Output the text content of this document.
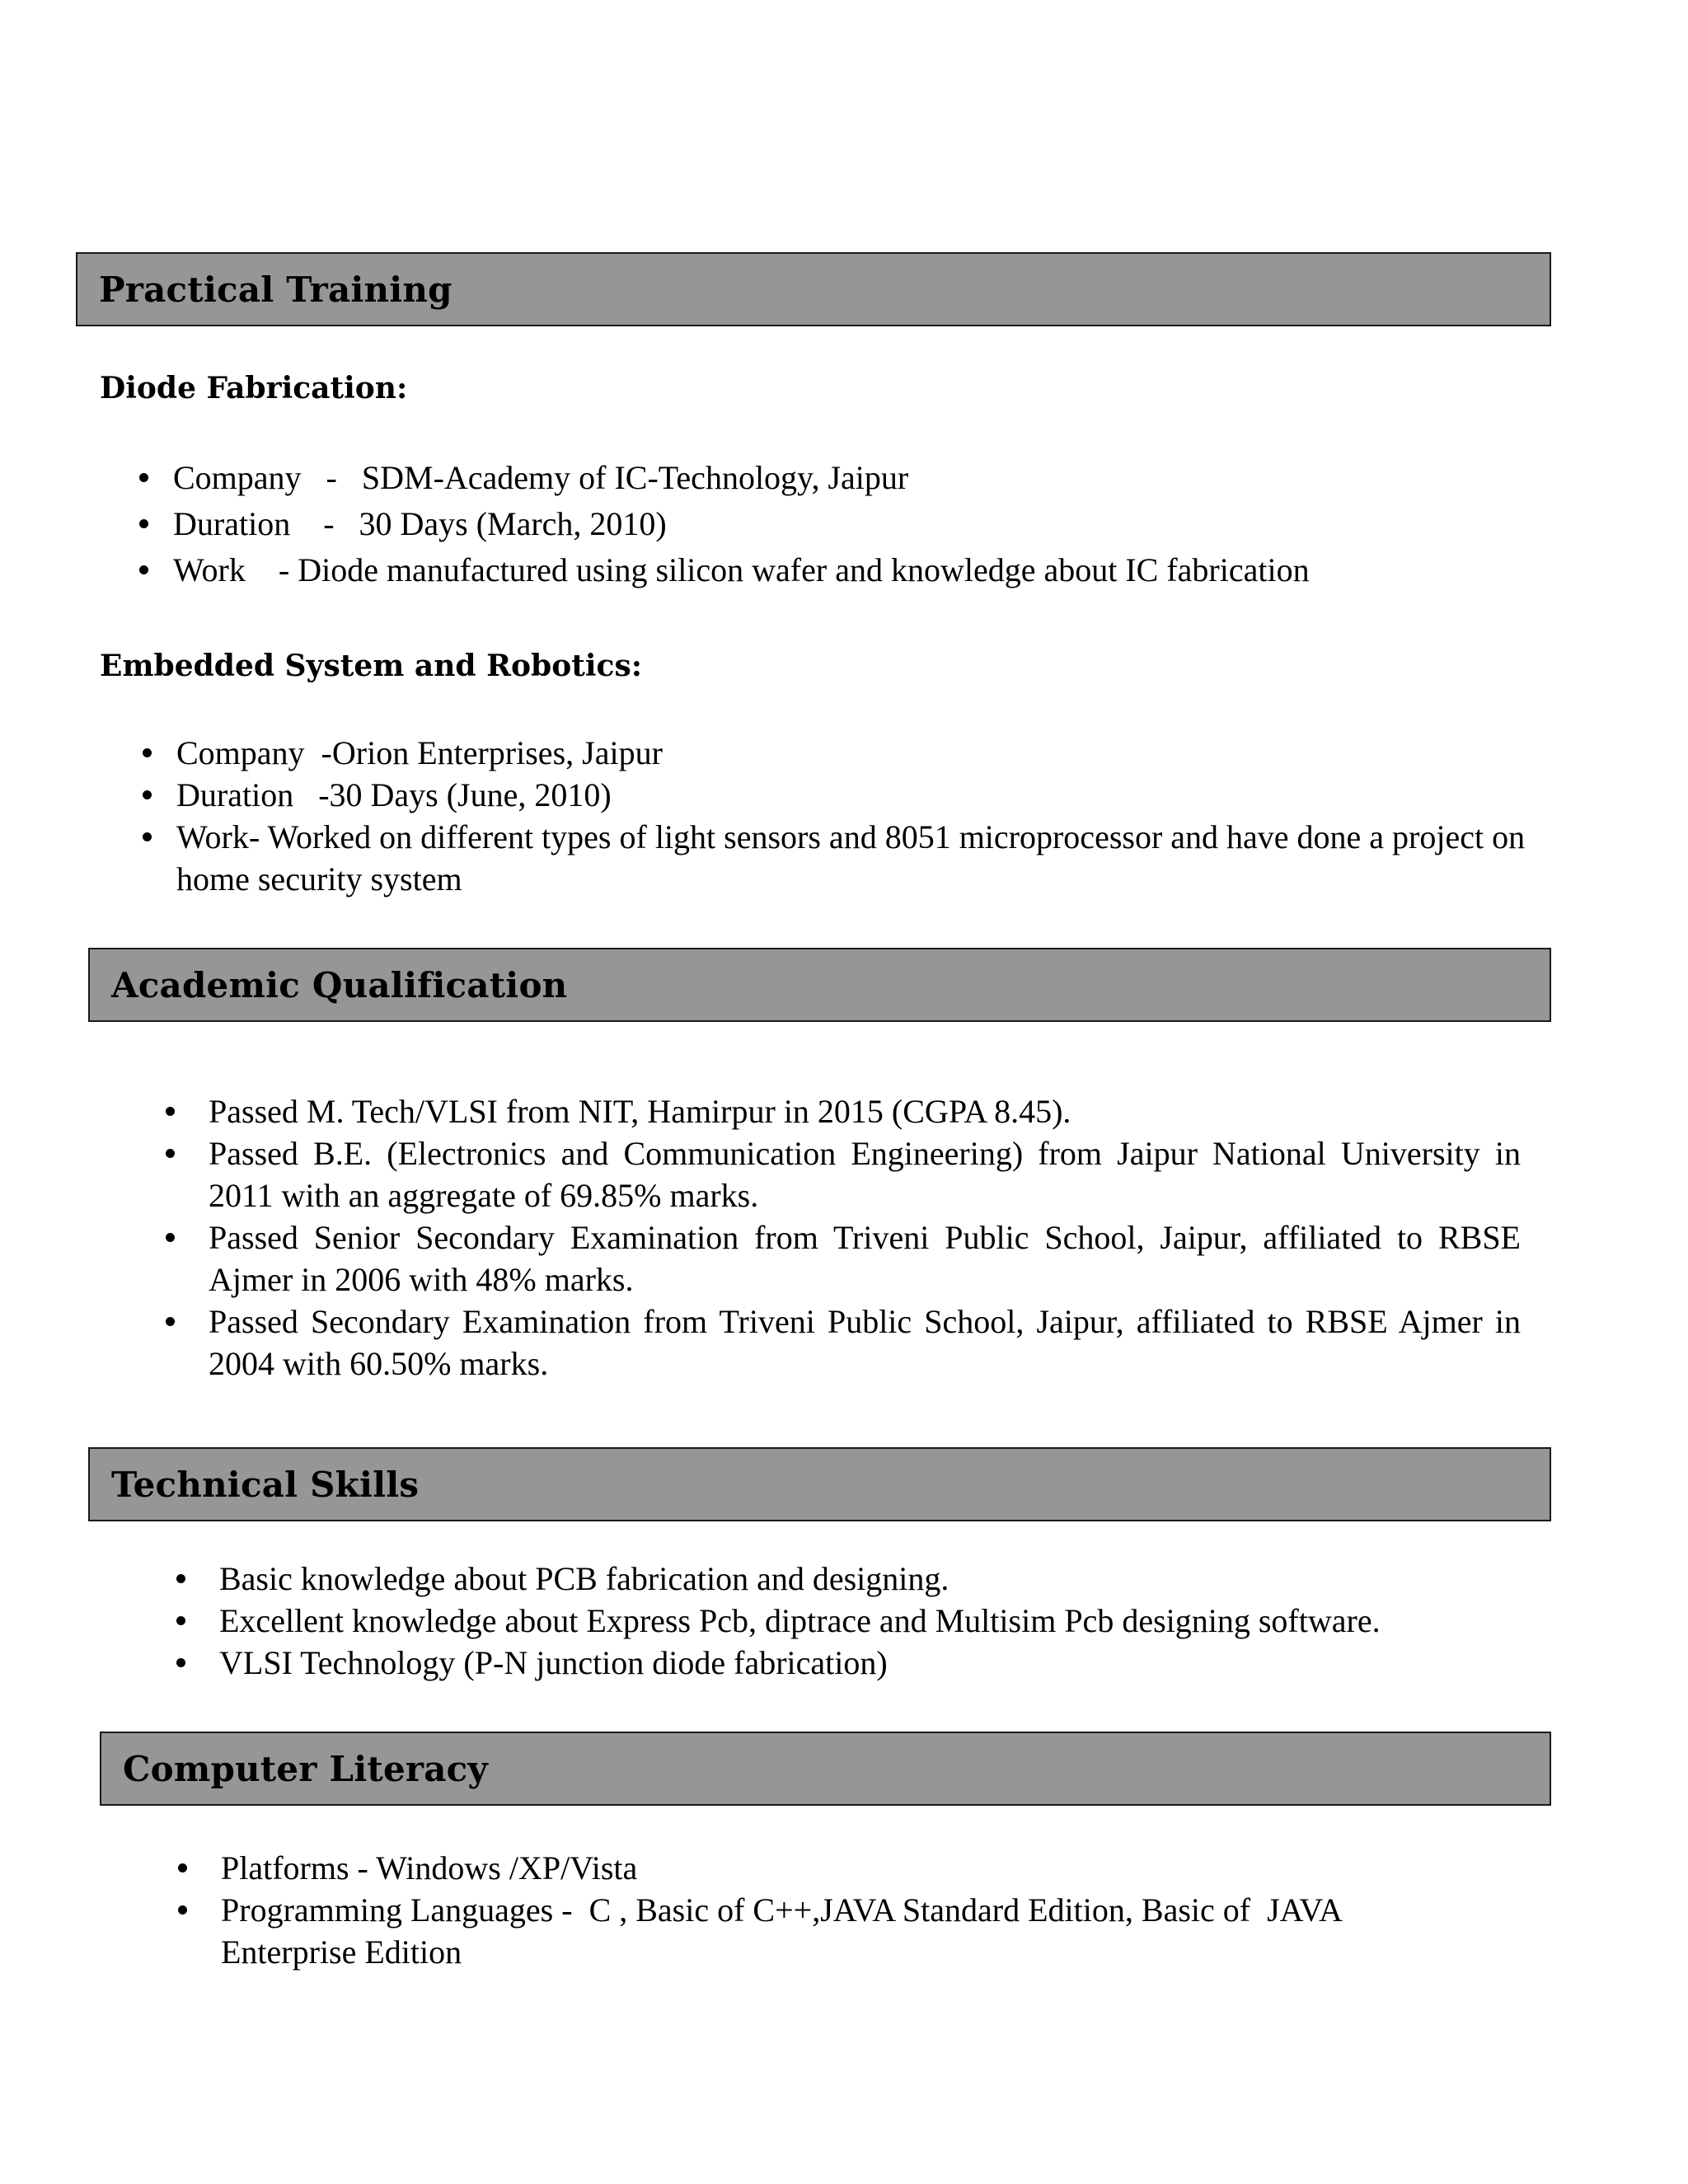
Practical Training
Diode Fabrication:
Company   -   SDM-Academy of IC-Technology, Jaipur
Duration    -   30 Days (March, 2010)
Work    - Diode manufactured using silicon wafer and knowledge about IC fabrication
Embedded System and Robotics:
Company  -Orion Enterprises, Jaipur
Duration   -30 Days (June, 2010)
Work- Worked on different types of light sensors and 8051 microprocessor and have done a project on home security system
Academic Qualification
Passed M. Tech/VLSI from NIT, Hamirpur in 2015 (CGPA 8.45).
Passed B.E. (Electronics and Communication Engineering) from Jaipur National University in 2011 with an aggregate of 69.85% marks.
Passed Senior Secondary Examination from Triveni Public School, Jaipur, affiliated to RBSE Ajmer in 2006 with 48% marks.
Passed Secondary Examination from Triveni Public School, Jaipur, affiliated to RBSE Ajmer in 2004 with 60.50% marks.
Technical Skills
Basic knowledge about PCB fabrication and designing.
Excellent knowledge about Express Pcb, diptrace and Multisim Pcb designing software.
VLSI Technology (P-N junction diode fabrication)
Computer Literacy
Platforms - Windows /XP/Vista
Programming Languages -  C , Basic of C++,JAVA Standard Edition, Basic of  JAVA Enterprise Edition
